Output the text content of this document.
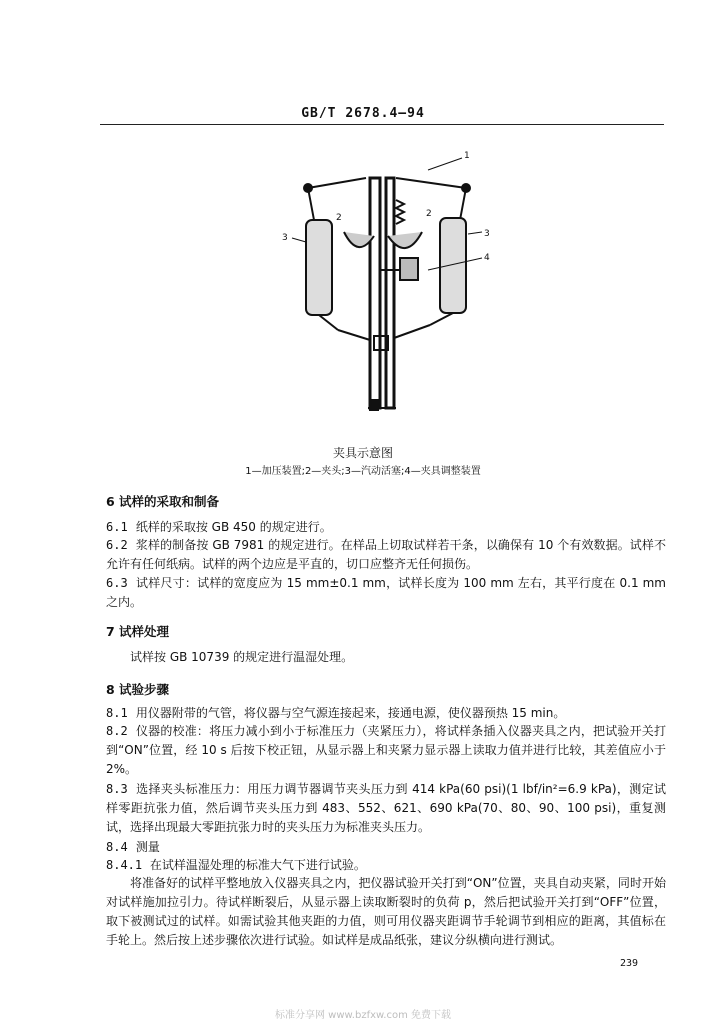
GB/T 2678.4—94
1
2	2
3	3
4
夹具示意图
1—加压装置;2—夹头;3—汽动活塞;4—夹具调整装置
6 试样的采取和制备
6.1 纸样的采取按 GB 450 的规定进行。
6.2 浆样的制备按 GB 7981 的规定进行。在样品上切取试样若干条，以确保有 10 个有效数据。试样不允许有任何纸病。试样的两个边应是平直的，切口应整齐无任何损伤。
6.3 试样尺寸：试样的宽度应为 15 mm±0.1 mm，试样长度为 100 mm 左右，其平行度在 0.1 mm 之内。
7 试样处理
试样按 GB 10739 的规定进行温湿处理。
8 试验步骤
8.1 用仪器附带的气管，将仪器与空气源连接起来，接通电源，使仪器预热 15 min。
8.2 仪器的校准：将压力减小到小于标准压力（夹紧压力），将试样条插入仪器夹具之内，把试验开关打到“ON”位置，经 10 s 后按下校正钮，从显示器上和夹紧力显示器上读取力值并进行比较，其差值应小于 2%。
8.3 选择夹头标准压力：用压力调节器调节夹头压力到 414 kPa(60 psi)(1 lbf/in²=6.9 kPa)，测定试样零距抗张力值，然后调节夹头压力到 483、552、621、690 kPa(70、80、90、100 psi)，重复测试，选择出现最大零距抗张力时的夹头压力为标准夹头压力。
8.4 测量
8.4.1 在试样温湿处理的标准大气下进行试验。
将准备好的试样平整地放入仪器夹具之内，把仪器试验开关打到“ON”位置，夹具自动夹紧，同时开始对试样施加拉引力。待试样断裂后，从显示器上读取断裂时的负荷 p，然后把试验开关打到“OFF”位置，取下被测试过的试样。如需试验其他夹距的力值，则可用仪器夹距调节手轮调节到相应的距离，其值标在手轮上。然后按上述步骤依次进行试验。如试样是成品纸张，建议分纵横向进行测试。
239
标准分享网 www.bzfxw.com 免费下载
